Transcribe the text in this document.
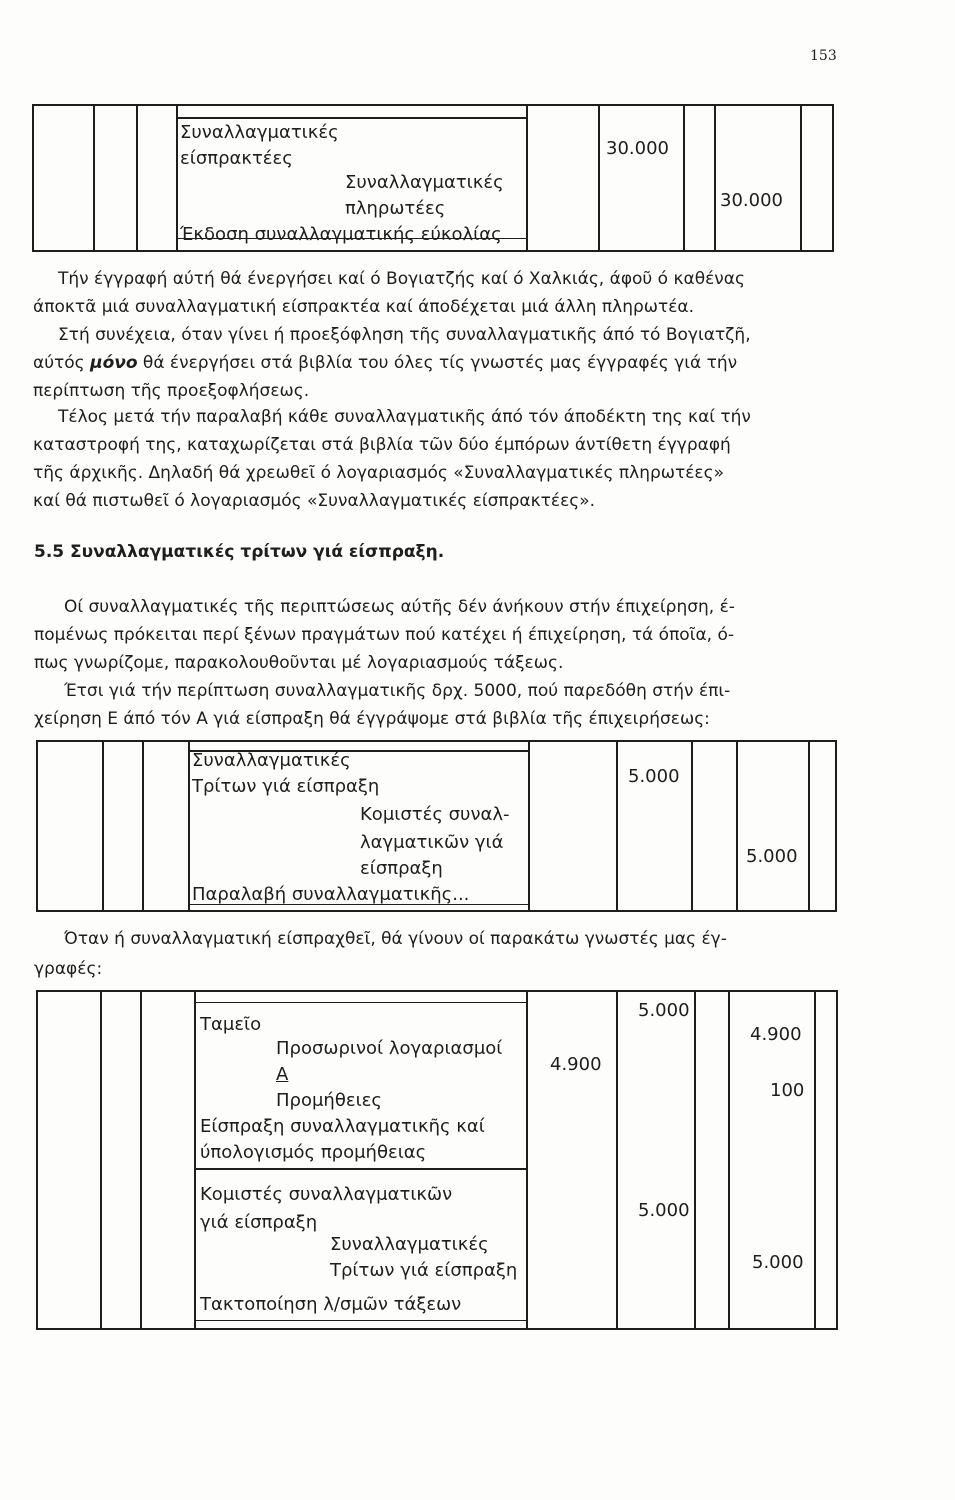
153
Συναλλαγματικές
είσπρακτέες
Συναλλαγματικές
πληρωτέες
Έκδοση συναλλαγματικής εύκολίας
30.000
30.000
Τήν έγγραφή αύτή θά ένεργήσει καί ό Βογιατζής καί ό Χαλκιάς, άφοῦ ό καθένας
άποκτᾶ μιά συναλλαγματική είσπρακτέα καί άποδέχεται μιά άλλη πληρωτέα.
Στή συνέχεια, όταν γίνει ή προεξόφληση τῆς συναλλαγματικῆς άπό τό Βογιατζῆ,
αύτός μόνο θά ένεργήσει στά βιβλία του όλες τίς γνωστές μας έγγραφές γιά τήν
περίπτωση τῆς προεξοφλήσεως.
Τέλος μετά τήν παραλαβή κάθε συναλλαγματικῆς άπό τόν άποδέκτη της καί τήν
καταστροφή της, καταχωρίζεται στά βιβλία τῶν δύο έμπόρων άντίθετη έγγραφή
τῆς άρχικῆς. Δηλαδή θά χρεωθεῖ ό λογαριασμός «Συναλλαγματικές πληρωτέες»
καί θά πιστωθεῖ ό λογαριασμός «Συναλλαγματικές είσπρακτέες».
5.5 Συναλλαγματικές τρίτων γιά είσπραξη.
Οί συναλλαγματικές τῆς περιπτώσεως αύτῆς δέν άνήκουν στήν έπιχείρηση, έ-
πομένως πρόκειται περί ξένων πραγμάτων πού κατέχει ή έπιχείρηση, τά όποῖα, ό-
πως γνωρίζομε, παρακολουθοῦνται μέ λογαριασμούς τάξεως.
Έτσι γιά τήν περίπτωση συναλλαγματικῆς δρχ. 5000, πού παρεδόθη στήν έπι-
χείρηση Ε άπό τόν Α γιά είσπραξη θά έγγράψομε στά βιβλία τῆς έπιχειρήσεως:
Συναλλαγματικές
Τρίτων γιά είσπραξη
Κομιστές συναλ-
λαγματικῶν γιά
είσπραξη
Παραλαβή συναλλαγματικῆς...
5.000
5.000
Όταν ή συναλλαγματική είσπραχθεῖ, θά γίνουν οί παρακάτω γνωστές μας έγ-
γραφές:
Ταμεῖο
Προσωρινοί λογαριασμοί
Α
Προμήθειες
Είσπραξη συναλλαγματικῆς καί
ύπολογισμός προμήθειας
5.000
4.900
4.900
100
Κομιστές συναλλαγματικῶν
γιά είσπραξη
Συναλλαγματικές
Τρίτων γιά είσπραξη
Τακτοποίηση λ/σμῶν τάξεων
5.000
5.000
